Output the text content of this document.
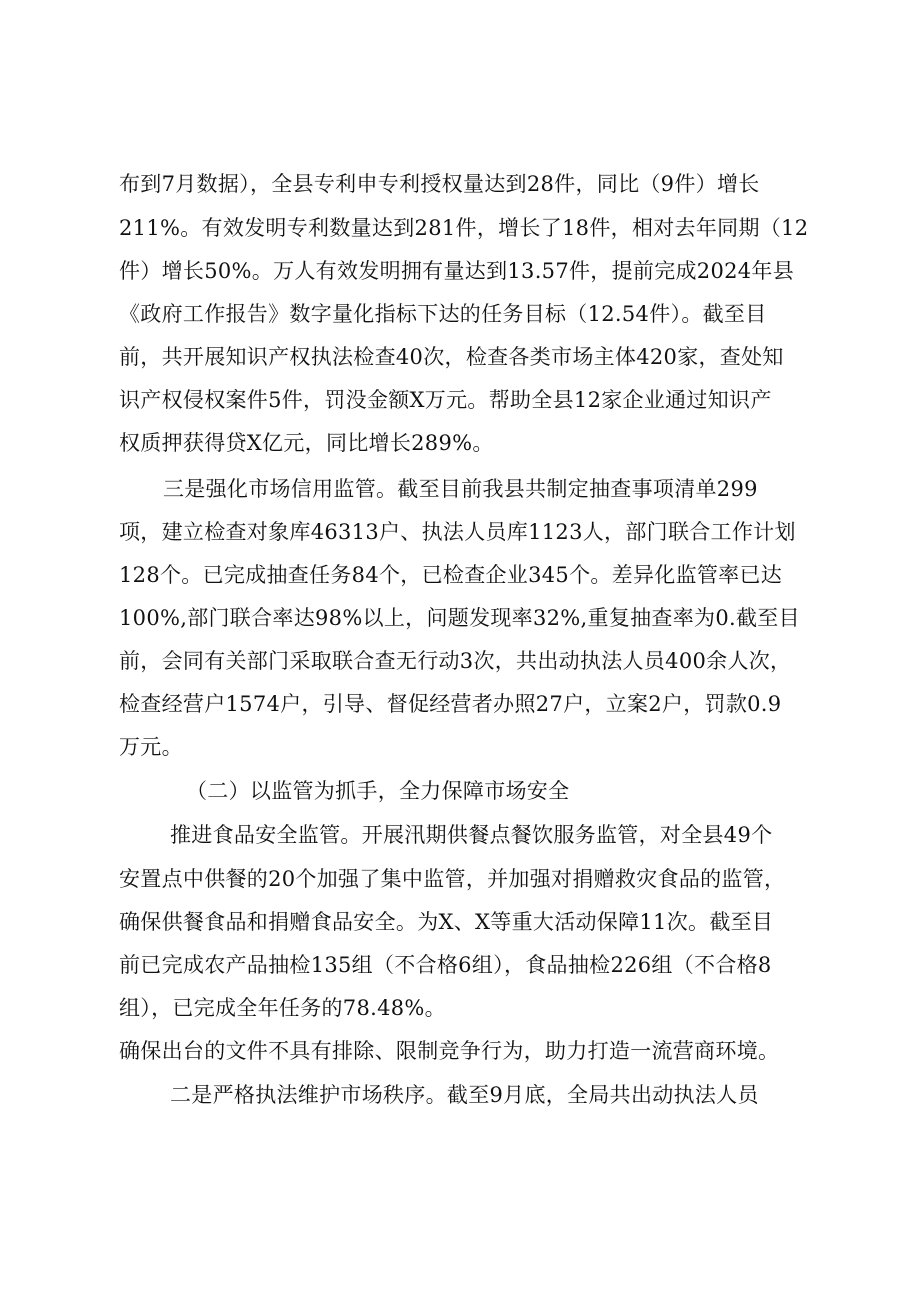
布到7月数据），全县专利申专利授权量达到28件，同比（9件）增长
211%。有效发明专利数量达到281件，增长了18件，相对去年同期（12
件）增长50%。万人有效发明拥有量达到13.57件，提前完成2024年县
《政府工作报告》数字量化指标下达的任务目标（12.54件）。截至目
前，共开展知识产权执法检查40次，检查各类市场主体420家，查处知
识产权侵权案件5件，罚没金额X万元。帮助全县12家企业通过知识产
权质押获得贷X亿元，同比增长289%。
三是强化市场信用监管。截至目前我县共制定抽查事项清单299
项，建立检查对象库46313户、执法人员库1123人，部门联合工作计划
128个。已完成抽查任务84个，已检查企业345个。差异化监管率已达
100%,部门联合率达98%以上，问题发现率32%,重复抽查率为0.截至目
前，会同有关部门采取联合查无行动3次，共出动执法人员400余人次，
检查经营户1574户，引导、督促经营者办照27户，立案2户，罚款0.9
万元。
（二）以监管为抓手，全力保障市场安全
推进食品安全监管。开展汛期供餐点餐饮服务监管，对全县49个
安置点中供餐的20个加强了集中监管，并加强对捐赠救灾食品的监管，
确保供餐食品和捐赠食品安全。为X、X等重大活动保障11次。截至目
前已完成农产品抽检135组（不合格6组），食品抽检226组（不合格8
组），已完成全年任务的78.48%。
确保出台的文件不具有排除、限制竞争行为，助力打造一流营商环境。
二是严格执法维护市场秩序。截至9月底，全局共出动执法人员
